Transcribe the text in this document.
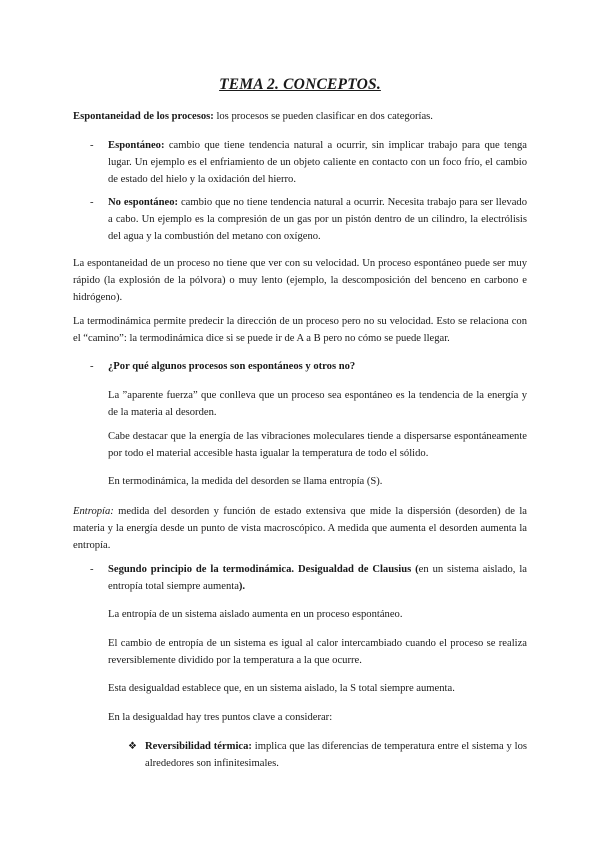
TEMA 2. CONCEPTOS.
Espontaneidad de los procesos: los procesos se pueden clasificar en dos categorías.
- Espontáneo: cambio que tiene tendencia natural a ocurrir, sin implicar trabajo para que tenga lugar. Un ejemplo es el enfriamiento de un objeto caliente en contacto con un foco frío, el cambio de estado del hielo y la oxidación del hierro.
- No espontáneo: cambio que no tiene tendencia natural a ocurrir. Necesita trabajo para ser llevado a cabo. Un ejemplo es la compresión de un gas por un pistón dentro de un cilindro, la electrólisis del agua y la combustión del metano con oxígeno.
La espontaneidad de un proceso no tiene que ver con su velocidad. Un proceso espontáneo puede ser muy rápido (la explosión de la pólvora) o muy lento (ejemplo, la descomposición del benceno en carbono e hidrógeno).
La termodinámica permite predecir la dirección de un proceso pero no su velocidad. Esto se relaciona con el “camino”: la termodinámica dice si se puede ir de A a B pero no cómo se puede llegar.
- ¿Por qué algunos procesos son espontáneos y otros no?
La ”aparente fuerza” que conlleva que un proceso sea espontáneo es la tendencia de la energía y de la materia al desorden.
Cabe destacar que la energía de las vibraciones moleculares tiende a dispersarse espontáneamente por todo el material accesible hasta igualar la temperatura de todo el sólido.
En termodinámica, la medida del desorden se llama entropía (S).
Entropía: medida del desorden y función de estado extensiva que mide la dispersión (desorden) de la materia y la energía desde un punto de vista macroscópico. A medida que aumenta el desorden aumenta la entropía.
- Segundo principio de la termodinámica. Desigualdad de Clausius (en un sistema aislado, la entropía total siempre aumenta).
La entropía de un sistema aislado aumenta en un proceso espontáneo.
El cambio de entropía de un sistema es igual al calor intercambiado cuando el proceso se realiza reversiblemente dividido por la temperatura a la que ocurre.
Esta desigualdad establece que, en un sistema aislado, la S total siempre aumenta.
En la desigualdad hay tres puntos clave a considerar:
❖ Reversibilidad térmica: implica que las diferencias de temperatura entre el sistema y los alrededores son infinitesimales.
